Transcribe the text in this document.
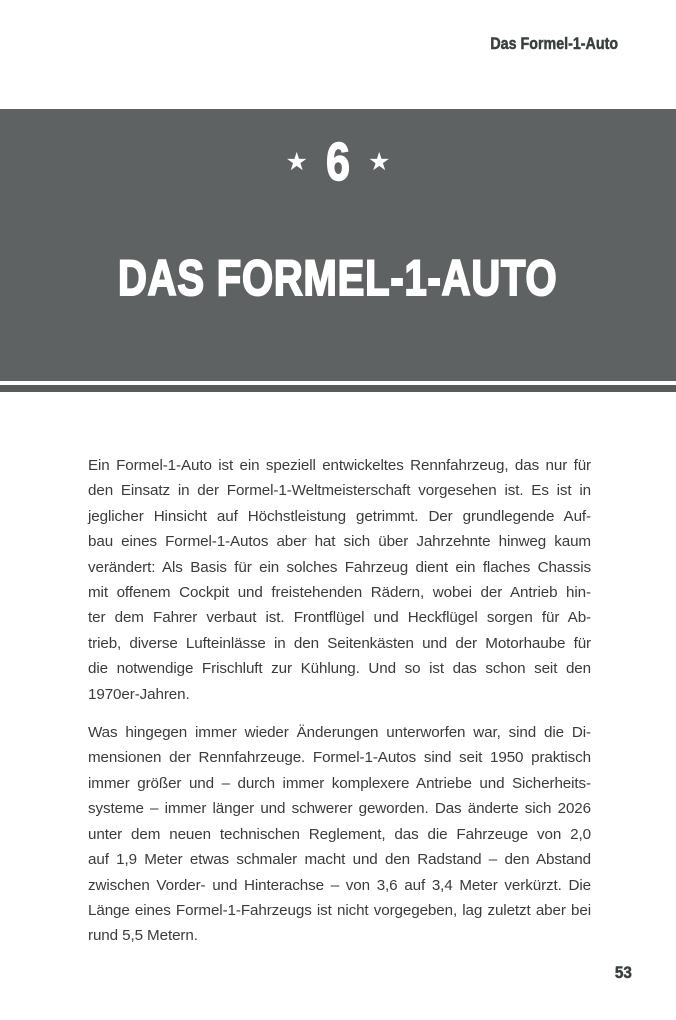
Das Formel-1-Auto
★ 6 ★
DAS FORMEL-1-AUTO

Ein Formel-1-Auto ist ein speziell entwickeltes Rennfahrzeug, das nur für
den Einsatz in der Formel-1-Weltmeisterschaft vorgesehen ist. Es ist in
jeglicher Hinsicht auf Höchstleistung getrimmt. Der grundlegende Auf-
bau eines Formel-1-Autos aber hat sich über Jahrzehnte hinweg kaum
verändert: Als Basis für ein solches Fahrzeug dient ein flaches Chassis
mit offenem Cockpit und freistehenden Rädern, wobei der Antrieb hin-
ter dem Fahrer verbaut ist. Frontflügel und Heckflügel sorgen für Ab-
trieb, diverse Lufteinlässe in den Seitenkästen und der Motorhaube für
die notwendige Frischluft zur Kühlung. Und so ist das schon seit den
1970er-Jahren.

Was hingegen immer wieder Änderungen unterworfen war, sind die Di-
mensionen der Rennfahrzeuge. Formel-1-Autos sind seit 1950 praktisch
immer größer und – durch immer komplexere Antriebe und Sicherheits-
systeme – immer länger und schwerer geworden. Das änderte sich 2026
unter dem neuen technischen Reglement, das die Fahrzeuge von 2,0
auf 1,9 Meter etwas schmaler macht und den Radstand – den Abstand
zwischen Vorder- und Hinterachse – von 3,6 auf 3,4 Meter verkürzt. Die
Länge eines Formel-1-Fahrzeugs ist nicht vorgegeben, lag zuletzt aber bei
rund 5,5 Metern.

53
